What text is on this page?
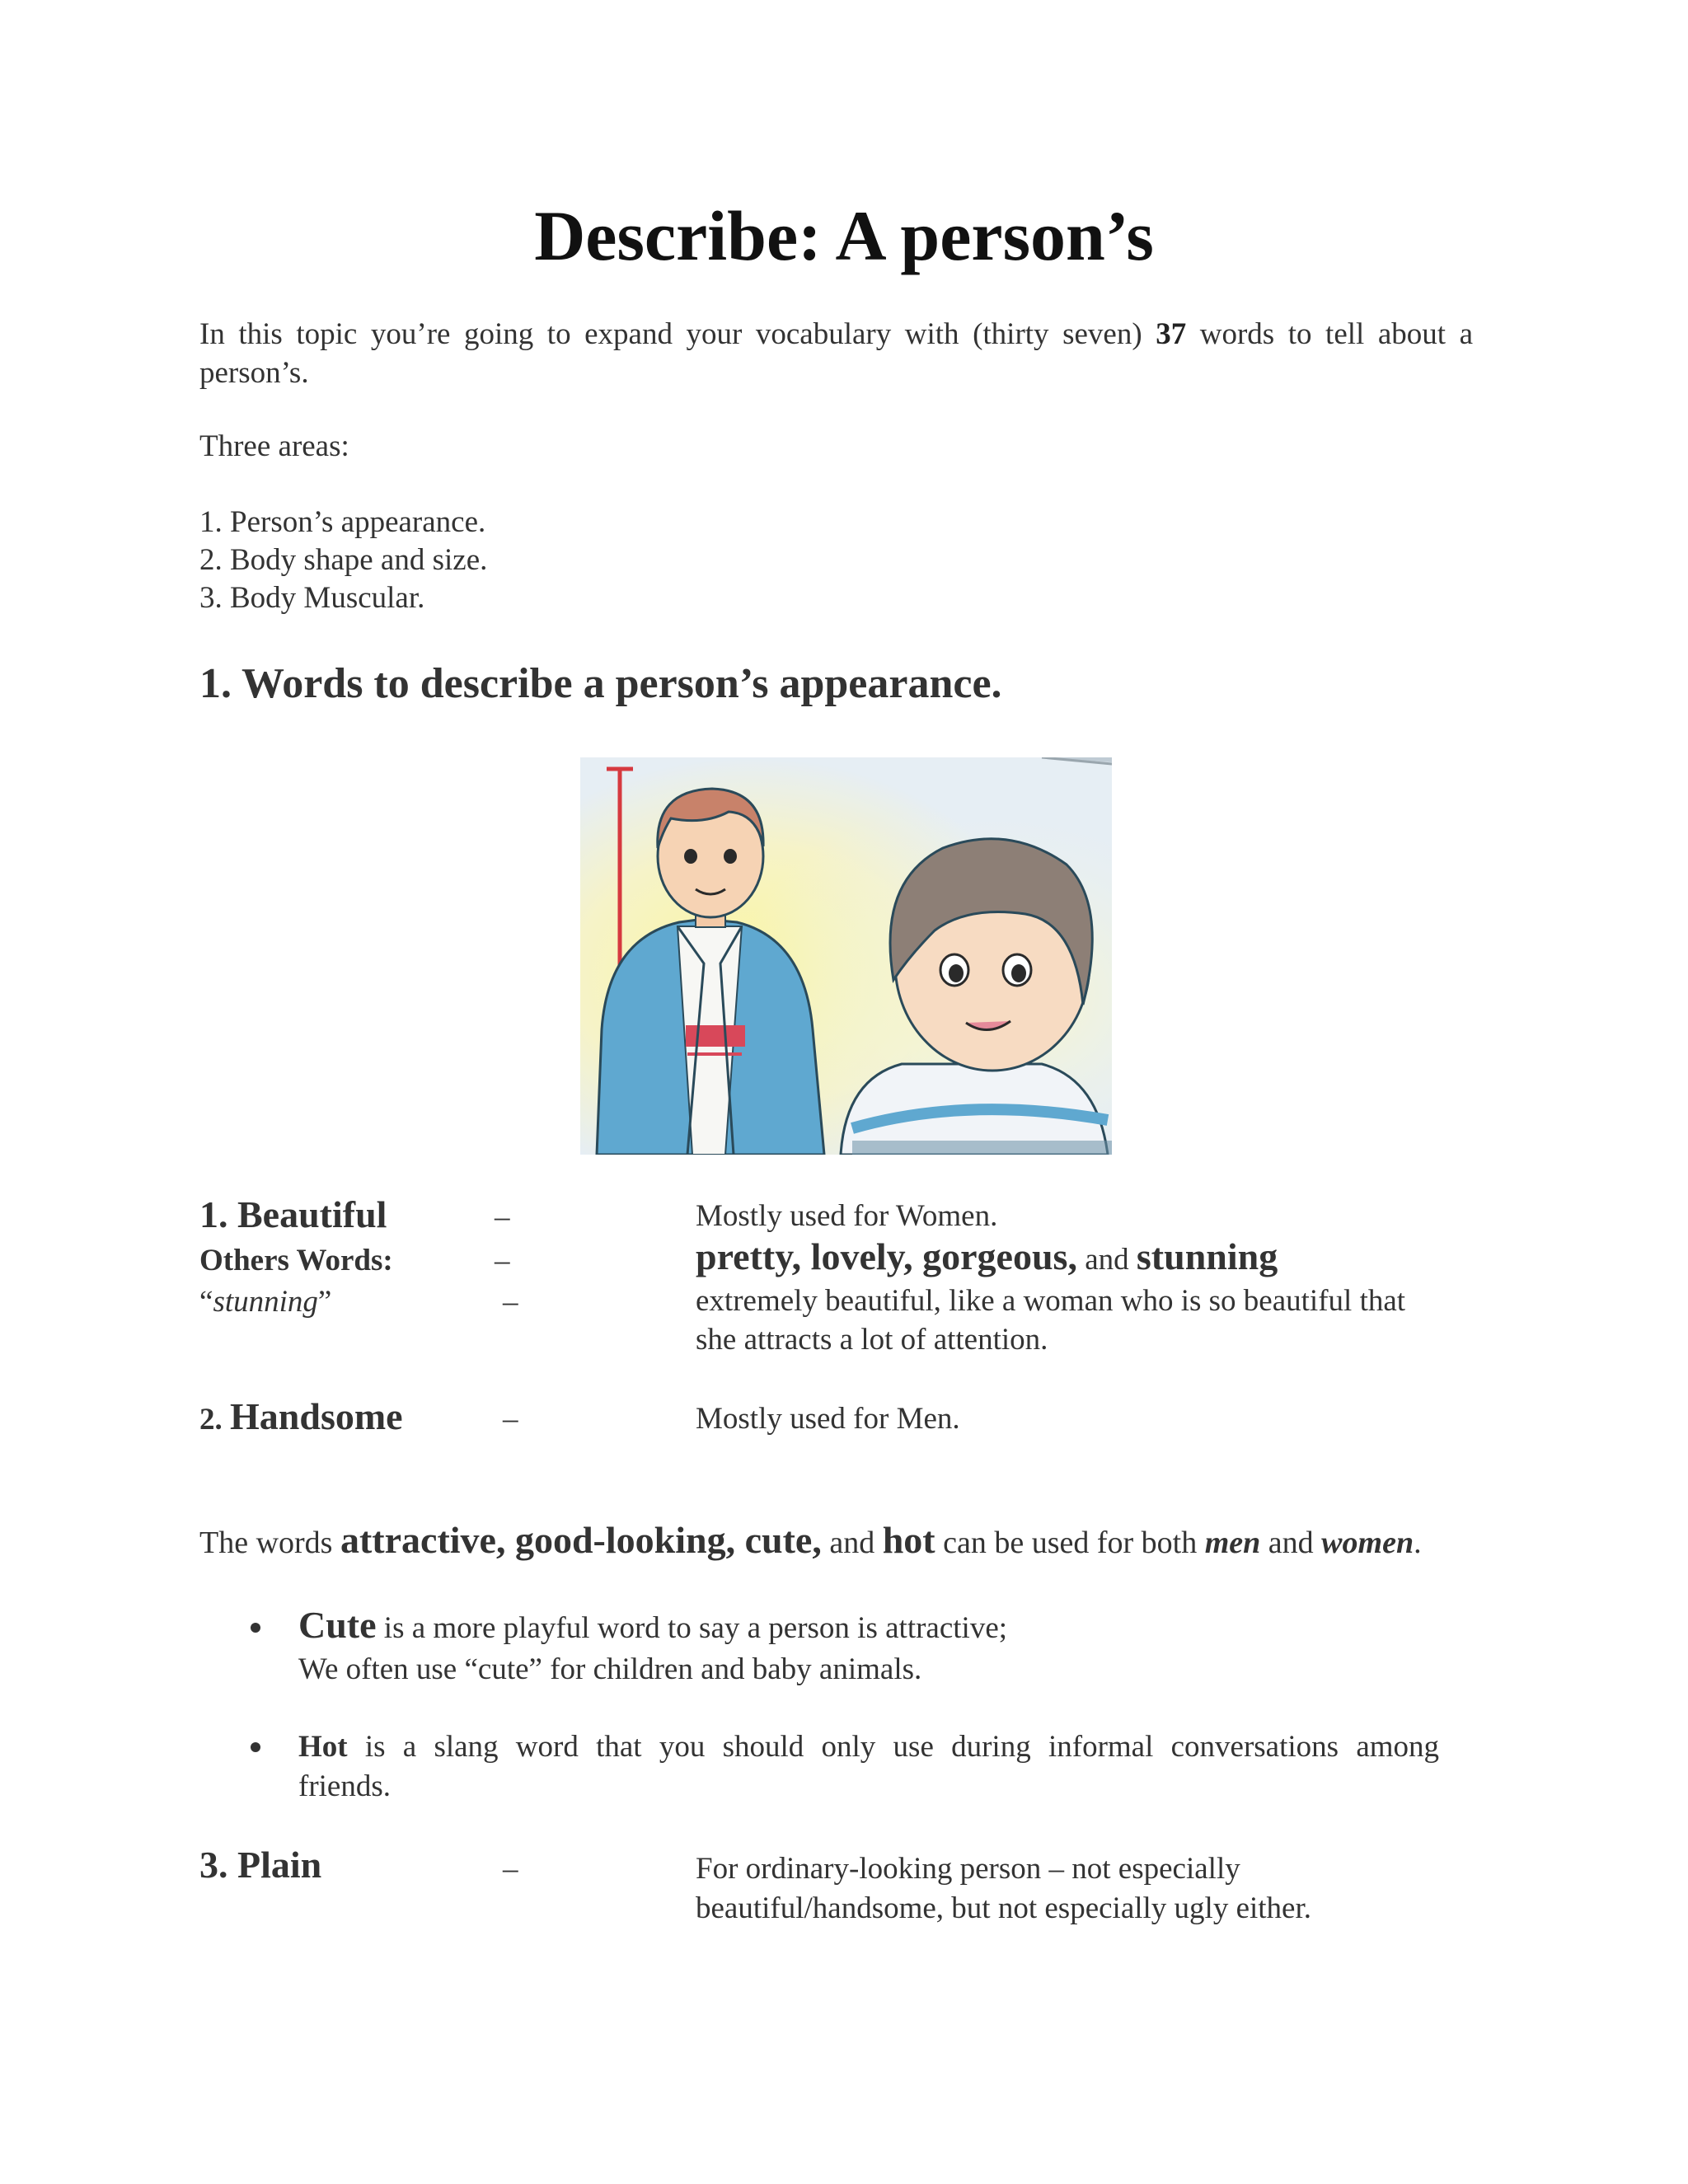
Describe: A person’s
In this topic you’re going to expand your vocabulary with (thirty seven) 37 words to tell about a person’s.
Three areas:
1. Person’s appearance.
2. Body shape and size.
3. Body Muscular.
1. Words to describe a person’s appearance.
1. Beautiful	–	Mostly used for Women.
Others Words:	–	pretty, lovely, gorgeous, and stunning
“stunning”	–	extremely beautiful, like a woman who is so beautiful that
she attracts a lot of attention.
2. Handsome	–	Mostly used for Men.
The words attractive, good-looking, cute, and hot can be used for both men and women.
Cute is a more playful word to say a person is attractive;
We often use “cute” for children and baby animals.
Hot is a slang word that you should only use during informal conversations among
friends.
3. Plain	–	For ordinary-looking person – not especially
beautiful/handsome, but not especially ugly either.
